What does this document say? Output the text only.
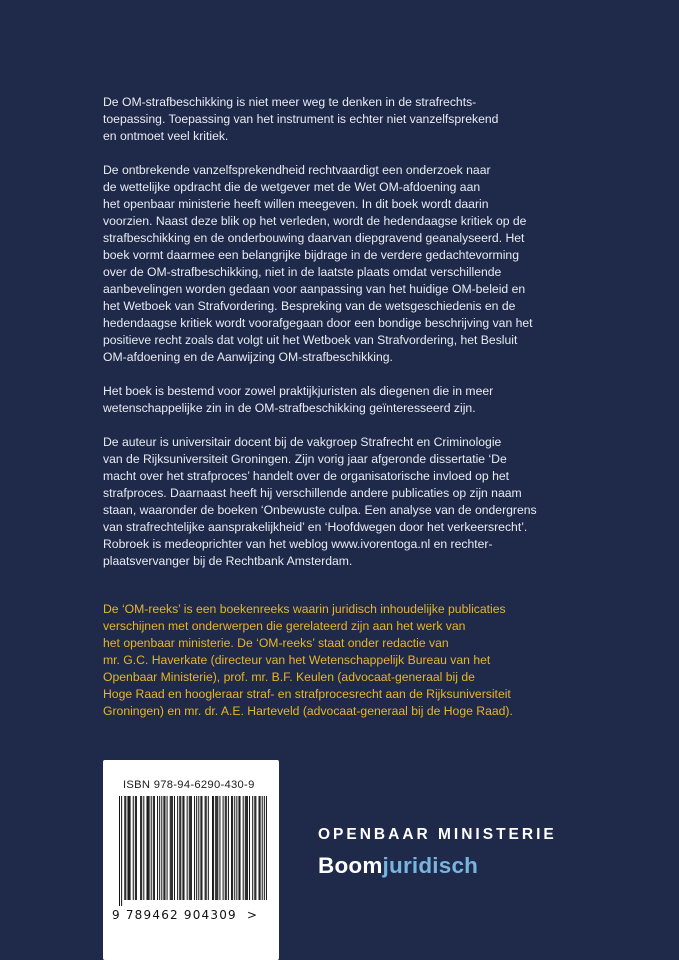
De OM-strafbeschikking is niet meer weg te denken in de strafrechts-
toepassing. Toepassing van het instrument is echter niet vanzelfsprekend
en ontmoet veel kritiek.

De ontbrekende vanzelfsprekendheid rechtvaardigt een onderzoek naar
de wettelijke opdracht die de wetgever met de Wet OM-afdoening aan
het openbaar ministerie heeft willen meegeven. In dit boek wordt daarin
voorzien. Naast deze blik op het verleden, wordt de hedendaagse kritiek op de
strafbeschikking en de onderbouwing daarvan diepgravend geanalyseerd. Het
boek vormt daarmee een belangrijke bijdrage in de verdere gedachtevorming
over de OM-strafbeschikking, niet in de laatste plaats omdat verschillende
aanbevelingen worden gedaan voor aanpassing van het huidige OM-beleid en
het Wetboek van Strafvordering. Bespreking van de wetsgeschiedenis en de
hedendaagse kritiek wordt voorafgegaan door een bondige beschrijving van het
positieve recht zoals dat volgt uit het Wetboek van Strafvordering, het Besluit
OM-afdoening en de Aanwijzing OM-strafbeschikking.

Het boek is bestemd voor zowel praktijkjuristen als diegenen die in meer
wetenschappelijke zin in de OM-strafbeschikking geïnteresseerd zijn.

De auteur is universitair docent bij de vakgroep Strafrecht en Criminologie
van de Rijksuniversiteit Groningen. Zijn vorig jaar afgeronde dissertatie ‘De
macht over het strafproces’ handelt over de organisatorische invloed op het
strafproces. Daarnaast heeft hij verschillende andere publicaties op zijn naam
staan, waaronder de boeken ‘Onbewuste culpa. Een analyse van de ondergrens
van strafrechtelijke aansprakelijkheid’ en ‘Hoofdwegen door het verkeersrecht’.
Robroek is medeoprichter van het weblog www.ivorentoga.nl en rechter-
plaatsvervanger bij de Rechtbank Amsterdam.

De ‘OM-reeks’ is een boekenreeks waarin juridisch inhoudelijke publicaties
verschijnen met onderwerpen die gerelateerd zijn aan het werk van
het openbaar ministerie. De ‘OM-reeks’ staat onder redactie van
mr. G.C. Haverkate (directeur van het Wetenschappelijk Bureau van het
Openbaar Ministerie), prof. mr. B.F. Keulen (advocaat-generaal bij de
Hoge Raad en hoogleraar straf- en strafprocesrecht aan de Rijksuniversiteit
Groningen) en mr. dr. A.E. Harteveld (advocaat-generaal bij de Hoge Raad).

ISBN 978-94-6290-430-9
9 789462 904309  >
OPENBAAR MINISTERIE
Boomjuridisch
